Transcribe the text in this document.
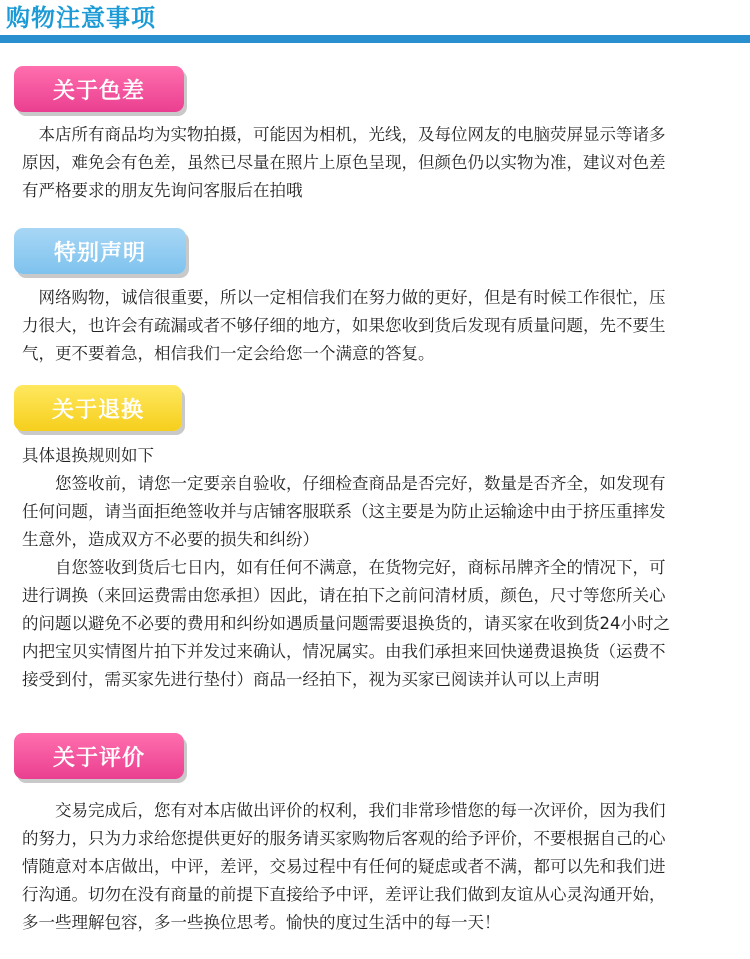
购物注意事项
关于色差

　本店所有商品均为实物拍摄，可能因为相机，光线，及每位网友的电脑荧屏显示等诸多
原因，难免会有色差，虽然已尽量在照片上原色呈现，但颜色仍以实物为准，建议对色差
有严格要求的朋友先询问客服后在拍哦

特别声明

　网络购物，诚信很重要，所以一定相信我们在努力做的更好，但是有时候工作很忙，压
力很大，也许会有疏漏或者不够仔细的地方，如果您收到货后发现有质量问题，先不要生
气，更不要着急，相信我们一定会给您一个满意的答复。

关于退换

具体退换规则如下
　　您签收前，请您一定要亲自验收，仔细检查商品是否完好，数量是否齐全，如发现有
任何问题，请当面拒绝签收并与店铺客服联系（这主要是为防止运输途中由于挤压重摔发
生意外，造成双方不必要的损失和纠纷）
　　自您签收到货后七日内，如有任何不满意，在货物完好，商标吊牌齐全的情况下，可
进行调换（来回运费需由您承担）因此，请在拍下之前问清材质，颜色，尺寸等您所关心
的问题以避免不必要的费用和纠纷如遇质量问题需要退换货的，请买家在收到货24小时之
内把宝贝实情图片拍下并发过来确认，情况属实。由我们承担来回快递费退换货（运费不
接受到付，需买家先进行垫付）商品一经拍下，视为买家已阅读并认可以上声明

关于评价

　　交易完成后，您有对本店做出评价的权利，我们非常珍惜您的每一次评价，因为我们
的努力，只为力求给您提供更好的服务请买家购物后客观的给予评价，不要根据自己的心
情随意对本店做出，中评，差评，交易过程中有任何的疑虑或者不满，都可以先和我们进
行沟通。切勿在没有商量的前提下直接给予中评，差评让我们做到友谊从心灵沟通开始，
多一些理解包容，多一些换位思考。愉快的度过生活中的每一天！
